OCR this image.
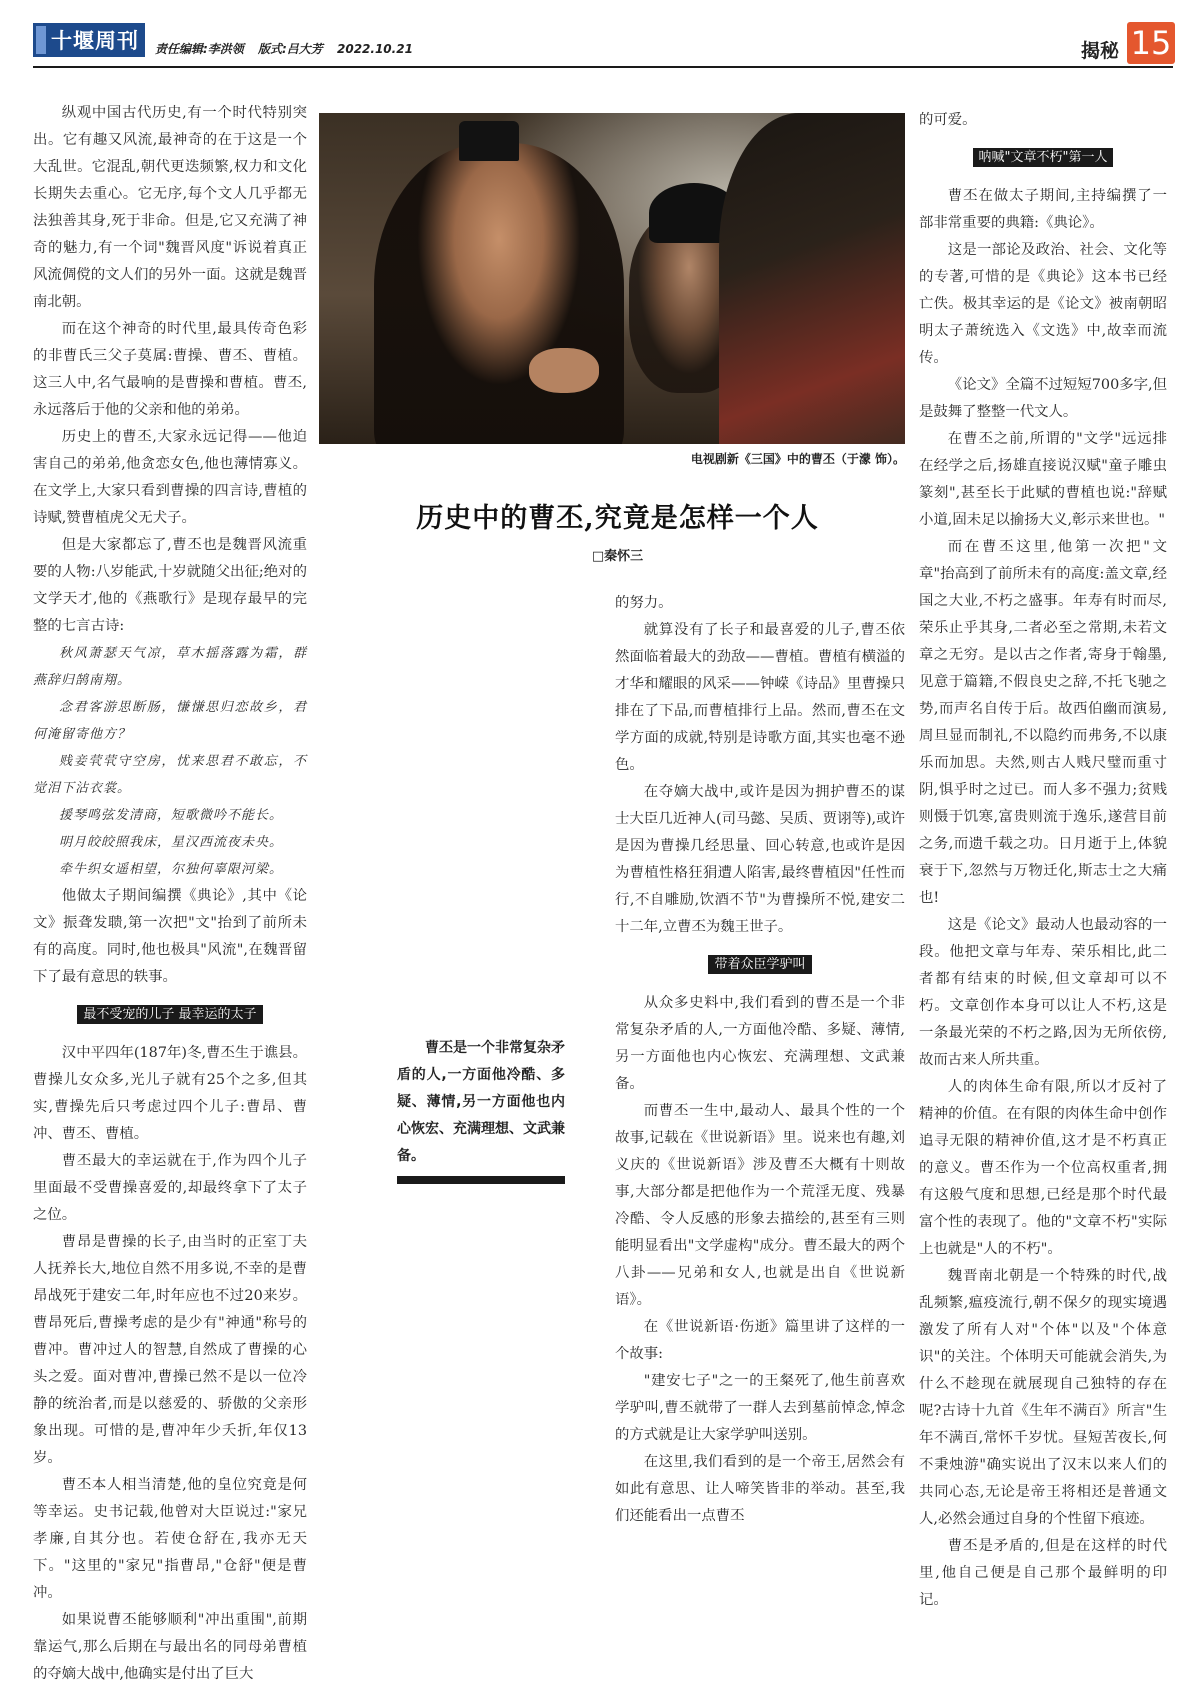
十堰周刊 责任编辑:李洪领 版式:吕大芳 2022.10.21	揭秘 15

纵观中国古代历史,有一个时代特别突出。它有趣又风流,最神奇的在于这是一个大乱世。它混乱,朝代更迭频繁,权力和文化长期失去重心。它无序,每个文人几乎都无法独善其身,死于非命。但是,它又充满了神奇的魅力,有一个词"魏晋风度"诉说着真正风流倜傥的文人们的另外一面。这就是魏晋南北朝。

而在这个神奇的时代里,最具传奇色彩的非曹氏三父子莫属:曹操、曹丕、曹植。这三人中,名气最响的是曹操和曹植。曹丕,永远落后于他的父亲和他的弟弟。

历史上的曹丕,大家永远记得——他迫害自己的弟弟,他贪恋女色,他也薄情寡义。在文学上,大家只看到曹操的四言诗,曹植的诗赋,赞曹植虎父无犬子。

但是大家都忘了,曹丕也是魏晋风流重要的人物:八岁能武,十岁就随父出征;绝对的文学天才,他的《燕歌行》是现存最早的完整的七言古诗:

秋风萧瑟天气凉，草木摇落露为霜，群燕辞归鹄南翔。

念君客游思断肠，慊慊思归恋故乡，君何淹留寄他方？

贱妾茕茕守空房，忧来思君不敢忘，不觉泪下沾衣裳。

援琴鸣弦发清商，短歌微吟不能长。

明月皎皎照我床，星汉西流夜未央。

牵牛织女遥相望，尔独何辜限河梁。

他做太子期间编撰《典论》,其中《论文》振聋发聩,第一次把"文"抬到了前所未有的高度。同时,他也极具"风流",在魏晋留下了最有意思的轶事。

最不受宠的儿子 最幸运的太子

汉中平四年(187年)冬,曹丕生于谯县。曹操儿女众多,光儿子就有25个之多,但其实,曹操先后只考虑过四个儿子:曹昂、曹冲、曹丕、曹植。

曹丕最大的幸运就在于,作为四个儿子里面最不受曹操喜爱的,却最终拿下了太子之位。

曹昂是曹操的长子,由当时的正室丁夫人抚养长大,地位自然不用多说,不幸的是曹昂战死于建安二年,时年应也不过20来岁。曹昂死后,曹操考虑的是少有"神通"称号的曹冲。曹冲过人的智慧,自然成了曹操的心头之爱。面对曹冲,曹操已然不是以一位冷静的统治者,而是以慈爱的、骄傲的父亲形象出现。可惜的是,曹冲年少夭折,年仅13岁。

曹丕本人相当清楚,他的皇位究竟是何等幸运。史书记载,他曾对大臣说过:"家兄孝廉,自其分也。若使仓舒在,我亦无天下。"这里的"家兄"指曹昂,"仓舒"便是曹冲。

如果说曹丕能够顺利"冲出重围",前期靠运气,那么后期在与最出名的同母弟曹植的夺嫡大战中,他确实是付出了巨大

电视剧新《三国》中的曹丕（于濛 饰）。
历史中的曹丕,究竟是怎样一个人
□秦怀三

曹丕是一个非常复杂矛盾的人,一方面他冷酷、多疑、薄情,另一方面他也内心恢宏、充满理想、文武兼备。

的努力。

就算没有了长子和最喜爱的儿子,曹丕依然面临着最大的劲敌——曹植。曹植有横溢的才华和耀眼的风采——钟嵘《诗品》里曹操只排在了下品,而曹植排行上品。然而,曹丕在文学方面的成就,特别是诗歌方面,其实也毫不逊色。

在夺嫡大战中,或许是因为拥护曹丕的谋士大臣几近神人(司马懿、吴质、贾诩等),或许是因为曹操几经思量、回心转意,也或许是因为曹植性格狂狷遭人陷害,最终曹植因"任性而行,不自雕励,饮酒不节"为曹操所不悦,建安二十二年,立曹丕为魏王世子。

带着众臣学驴叫

从众多史料中,我们看到的曹丕是一个非常复杂矛盾的人,一方面他冷酷、多疑、薄情,另一方面他也内心恢宏、充满理想、文武兼备。

而曹丕一生中,最动人、最具个性的一个故事,记载在《世说新语》里。说来也有趣,刘义庆的《世说新语》涉及曹丕大概有十则故事,大部分都是把他作为一个荒淫无度、残暴冷酷、令人反感的形象去描绘的,甚至有三则能明显看出"文学虚构"成分。曹丕最大的两个八卦——兄弟和女人,也就是出自《世说新语》。

在《世说新语·伤逝》篇里讲了这样的一个故事:

"建安七子"之一的王粲死了,他生前喜欢学驴叫,曹丕就带了一群人去到墓前悼念,悼念的方式就是让大家学驴叫送别。

在这里,我们看到的是一个帝王,居然会有如此有意思、让人啼笑皆非的举动。甚至,我们还能看出一点曹丕

的可爱。

呐喊"文章不朽"第一人

曹丕在做太子期间,主持编撰了一部非常重要的典籍:《典论》。

这是一部论及政治、社会、文化等的专著,可惜的是《典论》这本书已经亡佚。极其幸运的是《论文》被南朝昭明太子萧统选入《文选》中,故幸而流传。

《论文》全篇不过短短700多字,但是鼓舞了整整一代文人。

在曹丕之前,所谓的"文学"远远排在经学之后,扬雄直接说汉赋"童子雕虫篆刻",甚至长于此赋的曹植也说:"辞赋小道,固未足以揄扬大义,彰示来世也。"

而在曹丕这里,他第一次把"文章"抬高到了前所未有的高度:盖文章,经国之大业,不朽之盛事。年寿有时而尽,荣乐止乎其身,二者必至之常期,未若文章之无穷。是以古之作者,寄身于翰墨,见意于篇籍,不假良史之辞,不托飞驰之势,而声名自传于后。故西伯幽而演易,周旦显而制礼,不以隐约而弗务,不以康乐而加思。夫然,则古人贱尺璧而重寸阴,惧乎时之过已。而人多不强力;贫贱则慑于饥寒,富贵则流于逸乐,遂营目前之务,而遗千载之功。日月逝于上,体貌衰于下,忽然与万物迁化,斯志士之大痛也!

这是《论文》最动人也最动容的一段。他把文章与年寿、荣乐相比,此二者都有结束的时候,但文章却可以不朽。文章创作本身可以让人不朽,这是一条最光荣的不朽之路,因为无所依傍,故而古来人所共重。

人的肉体生命有限,所以才反衬了精神的价值。在有限的肉体生命中创作追寻无限的精神价值,这才是不朽真正的意义。曹丕作为一个位高权重者,拥有这般气度和思想,已经是那个时代最富个性的表现了。他的"文章不朽"实际上也就是"人的不朽"。

魏晋南北朝是一个特殊的时代,战乱频繁,瘟疫流行,朝不保夕的现实境遇激发了所有人对"个体"以及"个体意识"的关注。个体明天可能就会消失,为什么不趁现在就展现自己独特的存在呢?古诗十九首《生年不满百》所言"生年不满百,常怀千岁忧。昼短苦夜长,何不秉烛游"确实说出了汉末以来人们的共同心态,无论是帝王将相还是普通文人,必然会通过自身的个性留下痕迹。

曹丕是矛盾的,但是在这样的时代里,他自己便是自己那个最鲜明的印记。
